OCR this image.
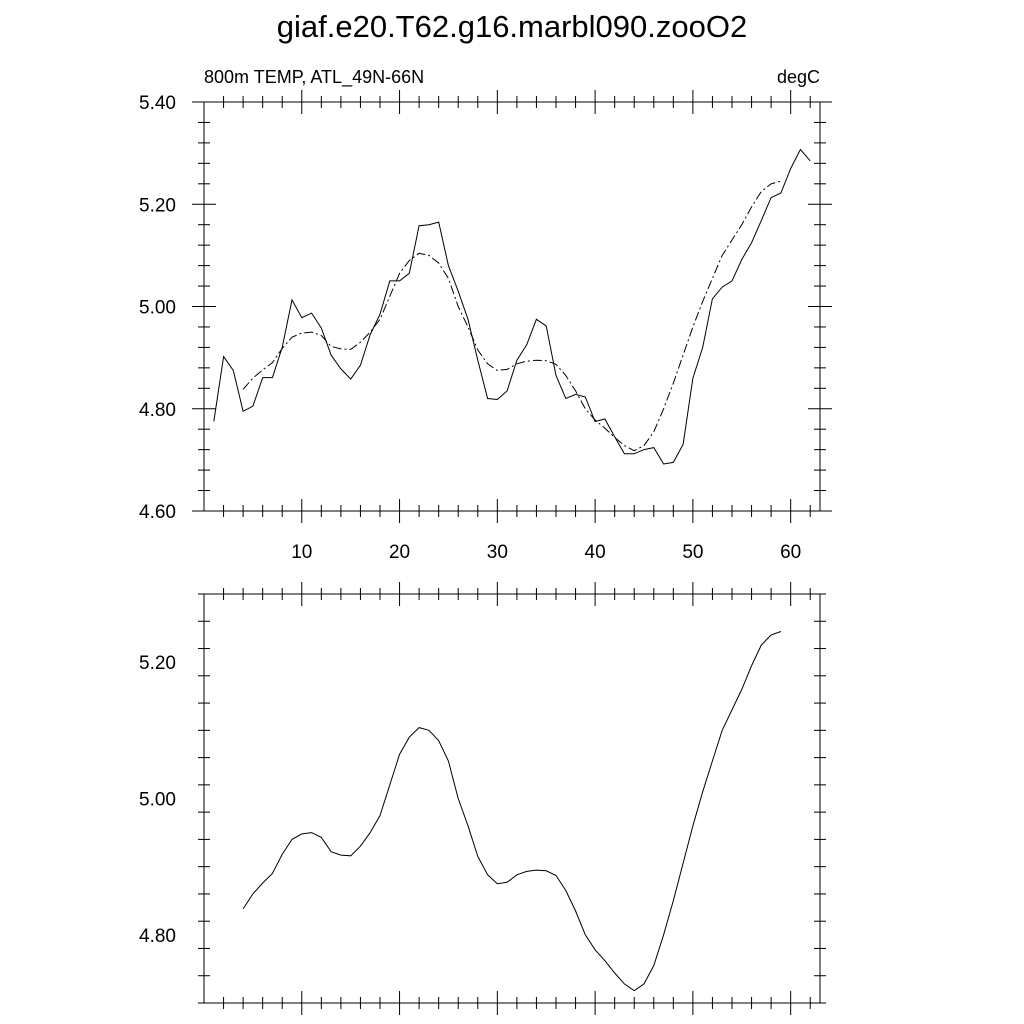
giaf.e20.T62.g16.marbl090.zooO2
800m TEMP, ATL_49N-66N	degC
4.60
4.80
5.00
5.20
5.40
10	20	30	40	50	60
4.80
5.00
5.20
